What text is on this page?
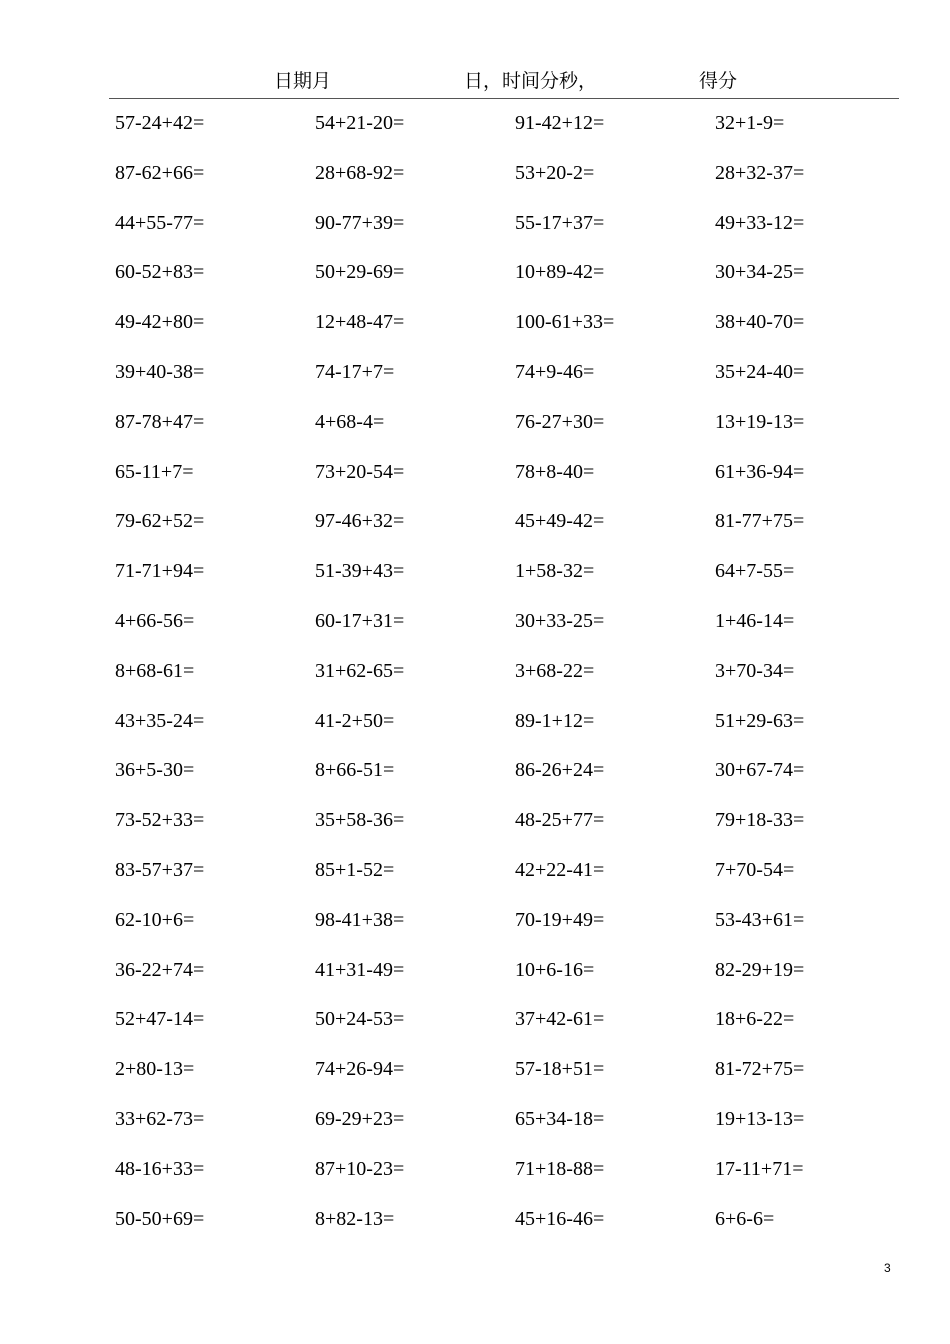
日期月	日，时间分秒，	得分
57-24+42=	54+21-20=	91-42+12=	32+1-9=
87-62+66=	28+68-92=	53+20-2=	28+32-37=
44+55-77=	90-77+39=	55-17+37=	49+33-12=
60-52+83=	50+29-69=	10+89-42=	30+34-25=
49-42+80=	12+48-47=	100-61+33=	38+40-70=
39+40-38=	74-17+7=	74+9-46=	35+24-40=
87-78+47=	4+68-4=	76-27+30=	13+19-13=
65-11+7=	73+20-54=	78+8-40=	61+36-94=
79-62+52=	97-46+32=	45+49-42=	81-77+75=
71-71+94=	51-39+43=	1+58-32=	64+7-55=
4+66-56=	60-17+31=	30+33-25=	1+46-14=
8+68-61=	31+62-65=	3+68-22=	3+70-34=
43+35-24=	41-2+50=	89-1+12=	51+29-63=
36+5-30=	8+66-51=	86-26+24=	30+67-74=
73-52+33=	35+58-36=	48-25+77=	79+18-33=
83-57+37=	85+1-52=	42+22-41=	7+70-54=
62-10+6=	98-41+38=	70-19+49=	53-43+61=
36-22+74=	41+31-49=	10+6-16=	82-29+19=
52+47-14=	50+24-53=	37+42-61=	18+6-22=
2+80-13=	74+26-94=	57-18+51=	81-72+75=
33+62-73=	69-29+23=	65+34-18=	19+13-13=
48-16+33=	87+10-23=	71+18-88=	17-11+71=
50-50+69=	8+82-13=	45+16-46=	6+6-6=
3
